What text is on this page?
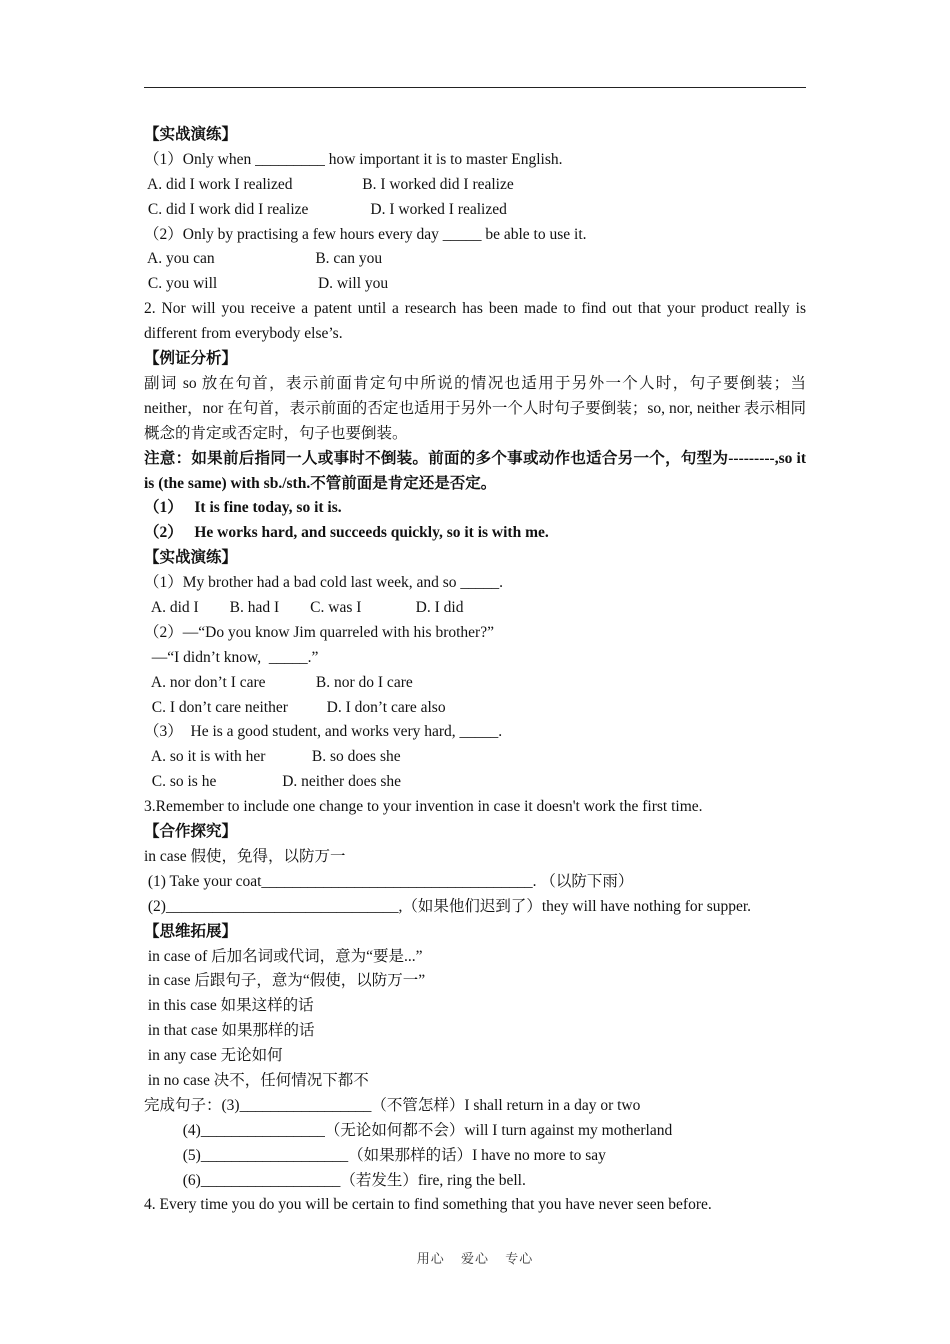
【实战演练】
（1）Only when _________ how important it is to master English.
A. did I work I realized                  B. I worked did I realize
C. did I work did I realize                D. I worked I realized
（2）Only by practising a few hours every day _____ be able to use it.
A. you can                          B. can you
C. you will                          D. will you
2. Nor will you receive a patent until a research has been made to find out that your product really is different from everybody else’s.
【例证分析】
副词 so 放在句首，表示前面肯定句中所说的情况也适用于另外一个人时，句子要倒装；当 neither，nor 在句首，表示前面的否定也适用于另外一个人时句子要倒装；so, nor, neither 表示相同概念的肯定或否定时，句子也要倒装。
注意：如果前后指同一人或事时不倒装。前面的多个事或动作也适合另一个，句型为---------,so it is (the same) with sb./sth.不管前面是肯定还是否定。
（1）   It is fine today, so it is.
（2）   He works hard, and succeeds quickly, so it is with me.
【实战演练】
（1）My brother had a bad cold last week, and so _____.
A. did I        B. had I        C. was I              D. I did
（2）—“Do you know Jim quarreled with his brother?”
—“I didn’t know,  _____.”
A. nor don’t I care             B. nor do I care
C. I don’t care neither          D. I don’t care also
（3）  He is a good student, and works very hard, _____.
A. so it is with her            B. so does she
C. so is he                 D. neither does she
3.Remember to include one change to your invention in case it doesn't work the first time.
【合作探究】
in case 假使，免得，以防万一
(1) Take your coat___________________________________. （以防下雨）
(2)______________________________,（如果他们迟到了）they will have nothing for supper.
【思维拓展】
in case of 后加名词或代词，意为“要是...”
in case 后跟句子，意为“假使，以防万一”
in this case 如果这样的话
in that case 如果那样的话
in any case 无论如何
in no case 决不，任何情况下都不
完成句子：(3)_________________（不管怎样）I shall return in a day or two
(4)________________（无论如何都不会）will I turn against my motherland
(5)___________________（如果那样的话）I have no more to say
(6)__________________（若发生）fire, ring the bell.
4. Every time you do you will be certain to find something that you have never seen before.
用心 爱心 专心
